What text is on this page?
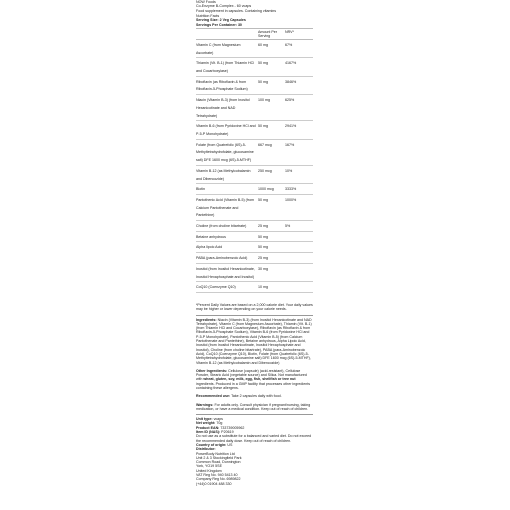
NOW Foods
Co-Enzyme B-Complex - 60 vcaps
Food supplement in capsules. Containing vitamins
Nutrition Facts
Serving Size: 2 Veg Capsules
Servings Per Container: 30
Amount Per Serving
NRV*
Vitamin C (from Magnesium Ascorbate)
60 mg	67%
Thiamin (Vit. B-1) (from Thiamin HCl and Cocarboxylase)
50 mg	4167%
Riboflavin (as Riboflavin & from Riboflavin-5-Phosphate Sodium)
50 mg	3846%
Niacin (Vitamin B-3) (from Inositol Hexanicotinate and NAD Tetrahydrate)
100 mg	625%
Vitamin B-6 (from Pyridoxine HCl and P-5-P Monohydrate)
50 mg	2941%
Folate (from Quatrefolic (6S)-5-Methyltetrahydrofolate, glucosamine salt) DFE 1600 mcg (6S)-5-MTHF)
667 mcg	167%
Vitamin B-12 (as Methylcobalamin and Dibencozide)
250 mcg	10%
Biotin	1000 mcg	3333%
Pantothenic Acid (Vitamin B-5) (from Calcium Pantothenate and Pantethine)
50 mg	1000%
Choline (from choline bitartrate)	25 mg	5%
Betaine anhydrous	50 mg
Alpha lipoic Acid	50 mg
PABA (para-Aminobenzoic Acid)	25 mg
Inositol (from Inositol Hexanicotinate, Inositol Hexaphosphate and Inositol)
30 mg
CoQ10 (Coenzyme Q10)	10 mg
*Percent Daily Values are based on a 2,000 calorie diet. Your daily values may be higher or lower depending on your calorie needs.

Ingredients: Niacin (Vitamin B-3) (from Inositol Hexanicotinate and NAD Tetrahydrate), Vitamin C (from Magnesium Ascorbate), Thiamin (Vit. B-1) (from Thiamin HCl and Cocarboxylase), Riboflavin (as Riboflavin & from Riboflavin-5-Phosphate Sodium), Vitamin B-6 (from Pyridoxine HCl and P-5-P Monohydrate), Pantothenic Acid (Vitamin B-5) (from Calcium Pantothenate and Pantethine), Betaine anhydrous, Alpha Lipoic Acid, Inositol (from Inositol Hexanicotinate, Inositol Hexaphosphate and Inositol), Choline (from choline bitartrate), PABA (para-Aminobenzoic Acid), CoQ10 (Coenzyme Q10), Biotin, Folate (from Quatrefolic (6S)-5-Methyltetrahydrofolate, glucosamine salt) DFE 1600 mcg (6S)-5-MTHF), Vitamin B-12 (as Methylcobalamin and Dibencozide)

Other Ingredients: Cellulose (capsule) (acid-resistant), Cellulose Powder, Stearic Acid (vegetable source) and Silica. Not manufactured with wheat, gluten, soy, milk, egg, fish, shellfish or tree nut ingredients. Produced in a GMP facility that processes other ingredients containing these allergens.

Recommended use: Take 2 capsules daily with food.

Warnings: For adults only. Consult physician if pregnant/nursing, taking medication, or have a medical condition. Keep out of reach of children.

Unit type: vcaps
Net weight: 70g
Product EAN: 733739005962
Item ID (NAS): P20619
Do not use as a substitute for a balanced and varied diet. Do not exceed the recommended daily dose. Keep out of reach of children.
Country of origin: US
Distributor:
PowerBody Nutrition Ltd
Unit 2 & 3 Stockingfield Park
Common Road, Dunnington
York, YO19 5SE
United Kingdom
VAT Reg No. 940 5413 40
Company Reg No. 6989822
(+44)0 01904 488 330
